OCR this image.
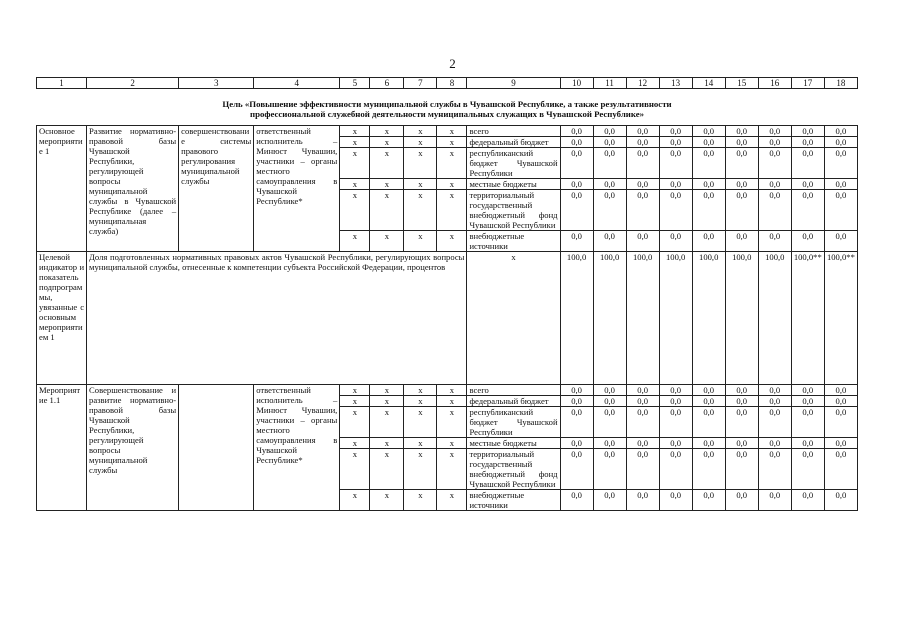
2
1	2	3	4	5	6	7	8	9	10	11	12	13	14	15	16	17	18

Цель «Повышение эффективности муниципальной службы в Чувашской Республике, а также результативности
профессиональной служебной деятельности муниципальных служащих в Чувашской Республике»																	

Основное мероприятие 1	Развитие нормативно-правовой базы Чувашской Республики, регулирующей вопросы муниципальной службы в Чувашской Республике (далее – муниципальная служба)	совершенствование системы правового регулирования муниципальной службы	ответственный исполнитель – Минюст Чувашии, участники – органы местного самоуправления в Чувашской Республике*	х	х	х	х	всего	0,0	0,0	0,0	0,0	0,0	0,0	0,0	0,0	0,0
				х	х	х	х	федеральный бюджет	0,0	0,0	0,0	0,0	0,0	0,0	0,0	0,0	0,0
				х	х	х	х	республиканский бюджет Чувашской Республики	0,0	0,0	0,0	0,0	0,0	0,0	0,0	0,0	0,0
				х	х	х	х	местные бюджеты	0,0	0,0	0,0	0,0	0,0	0,0	0,0	0,0	0,0
				х	х	х	х	территориальный государственный внебюджетный фонд Чувашской Республики	0,0	0,0	0,0	0,0	0,0	0,0	0,0	0,0	0,0
				х	х	х	х	внебюджетные источники	0,0	0,0	0,0	0,0	0,0	0,0	0,0	0,0	0,0
Целевой индикатор и показатель подпрограммы, увязанные с основным мероприятием 1	Доля подготовленных нормативных правовых актов Чувашской Республики, регулирующих вопросы муниципальной службы, отнесенные к компетенции субъекта Российской Федерации, процентов							х	100,0	100,0	100,0	100,0	100,0	100,0	100,0	100,0**	100,0**
Мероприятие 1.1	Совершенствование и развитие нормативно-правовой базы Чувашской Республики, регулирующей вопросы муниципальной службы		ответственный исполнитель – Минюст Чувашии, участники – органы местного самоуправления в Чувашской Республике*	х	х	х	х	всего	0,0	0,0	0,0	0,0	0,0	0,0	0,0	0,0	0,0
				х	х	х	х	федеральный бюджет	0,0	0,0	0,0	0,0	0,0	0,0	0,0	0,0	0,0
				х	х	х	х	республиканский бюджет Чувашской Республики	0,0	0,0	0,0	0,0	0,0	0,0	0,0	0,0	0,0
				х	х	х	х	местные бюджеты	0,0	0,0	0,0	0,0	0,0	0,0	0,0	0,0	0,0
				х	х	х	х	территориальный государственный внебюджетный фонд Чувашской Республики	0,0	0,0	0,0	0,0	0,0	0,0	0,0	0,0	0,0
				х	х	х	х	внебюджетные источники	0,0	0,0	0,0	0,0	0,0	0,0	0,0	0,0	0,0
